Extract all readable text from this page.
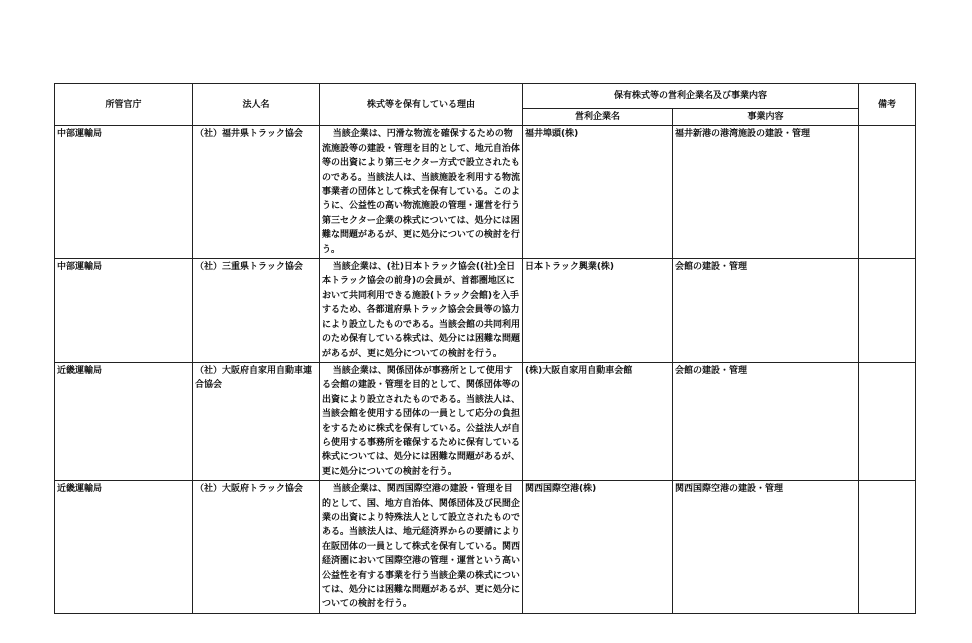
所管官庁	法人名	株式等を保有している理由	保有株式等の営利企業名及び事業内容		備考
			営利企業名	事業内容	
中部運輸局	（社）福井県トラック協会	当該企業は、円滑な物流を確保するための物流施設等の建設・管理を目的として、地元自治体等の出資により第三セクター方式で設立されたものである。当該法人は、当該施設を利用する物流事業者の団体として株式を保有している。このように、公益性の高い物流施設の管理・運営を行う第三セクター企業の株式については、処分には困難な問題があるが、更に処分についての検討を行う。	福井埠頭(株)	福井新港の港湾施設の建設・管理	
中部運輸局	（社）三重県トラック協会	当該企業は、(社)日本トラック協会((社)全日本トラック協会の前身)の会員が、首都圏地区において共同利用できる施設(トラック会館)を入手するため、各都道府県トラック協会会員等の協力により設立したものである。当該会館の共同利用のため保有している株式は、処分には困難な問題があるが、更に処分についての検討を行う。	日本トラック興業(株)	会館の建設・管理	
近畿運輸局	（社）大阪府自家用自動車連合協会	当該企業は、関係団体が事務所として使用する会館の建設・管理を目的として、関係団体等の出資により設立されたものである。当該法人は、当該会館を使用する団体の一員として応分の負担をするために株式を保有している。公益法人が自ら使用する事務所を確保するために保有している株式については、処分には困難な問題があるが、更に処分についての検討を行う。	(株)大阪自家用自動車会館	会館の建設・管理	
近畿運輸局	（社）大阪府トラック協会	当該企業は、関西国際空港の建設・管理を目的として、国、地方自治体、関係団体及び民間企業の出資により特殊法人として設立されたものである。当該法人は、地元経済界からの要請により在阪団体の一員として株式を保有している。関西経済圏において国際空港の管理・運営という高い公益性を有する事業を行う当該企業の株式については、処分には困難な問題があるが、更に処分についての検討を行う。	関西国際空港(株)	関西国際空港の建設・管理	
